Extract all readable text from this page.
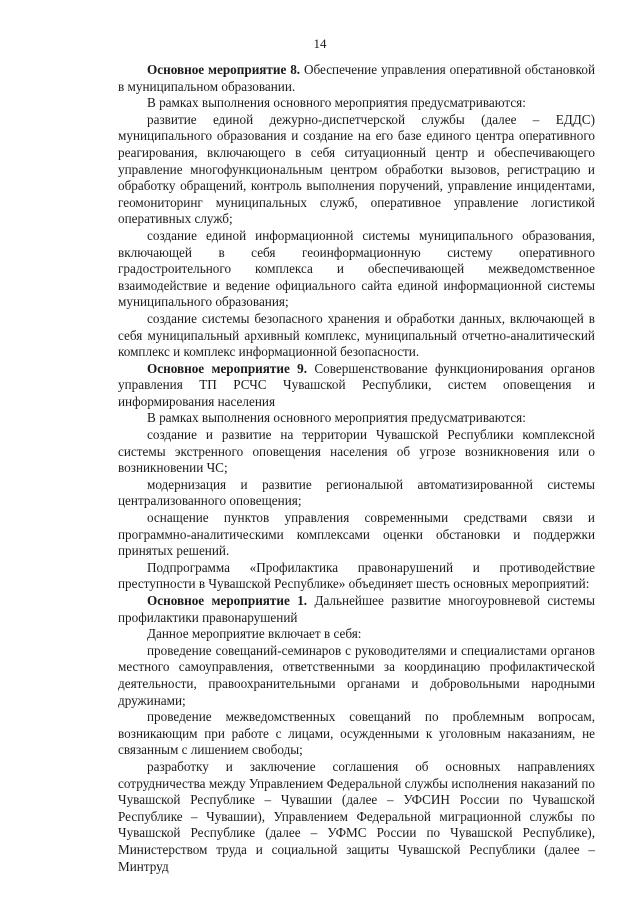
14

Основное мероприятие 8. Обеспечение управления оперативной обстановкой в муниципальном образовании.

В рамках выполнения основного мероприятия предусматриваются:

развитие единой дежурно-диспетчерской службы (далее – ЕДДС) муниципального образования и создание на его базе единого центра оперативного реагирования, включающего в себя ситуационный центр и обеспечивающего управление многофункциональным центром обработки вызовов, регистрацию и обработку обращений, контроль выполнения поручений, управление инцидентами, геомониторинг муниципальных служб, оперативное управление логистикой оперативных служб;

создание единой информационной системы муниципального образования, включающей в себя геоинформационную систему оперативного градостроительного комплекса и обеспечивающей межведомственное взаимодействие и ведение официального сайта единой информационной системы муниципального образования;

создание системы безопасного хранения и обработки данных, включающей в себя муниципальный архивный комплекс, муниципальный отчетно-аналитический комплекс и комплекс информационной безопасности.

Основное мероприятие 9. Совершенствование функционирования органов управления ТП РСЧС Чувашской Республики, систем оповещения и информирования населения

В рамках выполнения основного мероприятия предусматриваются:

создание и развитие на территории Чувашской Республики комплексной системы экстренного оповещения населения об угрозе возникновения или о возникновении ЧС;

модернизация и развитие регионалыюй автоматизированной системы централизованного оповещения;

оснащение пунктов управления современными средствами связи и программно-аналитическими комплексами оценки обстановки и поддержки принятых решений.

Подпрограмма «Профилактика правонарушений и противодействие преступности в Чувашской Республике» объединяет шесть основных мероприятий:

Основное мероприятие 1. Дальнейшее развитие многоуровневой системы профилактики правонарушений

Данное мероприятие включает в себя:

проведение совещаний-семинаров с руководителями и специалистами органов местного самоуправления, ответственными за координацию профилактической деятельности, правоохранительными органами и добровольными народными дружинами;

проведение межведомственных совещаний по проблемным вопросам, возникающим при работе с лицами, осужденными к уголовным наказаниям, не связанным с лишением свободы;

разработку и заключение соглашения об основных направлениях сотрудничества между Управлением Федеральной службы исполнения наказаний по Чувашской Республике – Чувашии (далее – УФСИН России по Чувашской Республике – Чувашии), Управлением Федеральной миграционной службы по Чувашской Республике (далее – УФМС России по Чувашской Республике), Министерством труда и социальной защиты Чувашской Республики (далее – Минтруд
